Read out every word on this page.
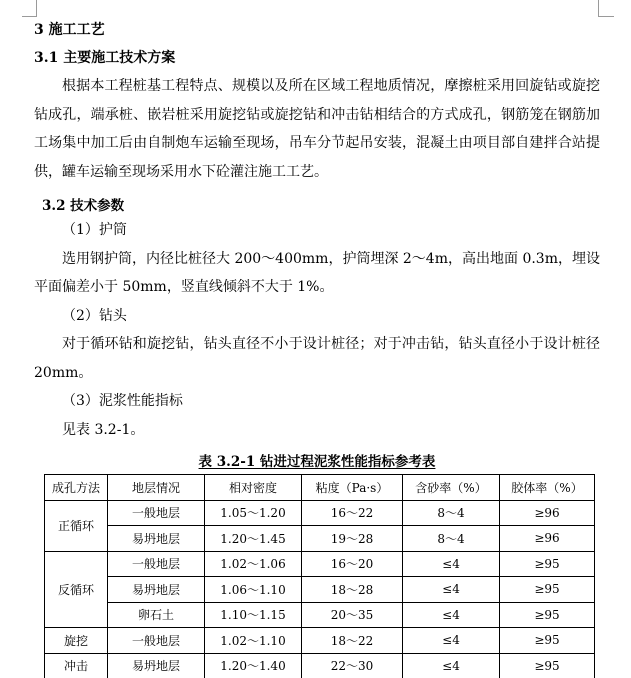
3 施工工艺

3.1 主要施工技术方案

根据本工程桩基工程特点、规模以及所在区域工程地质情况，摩擦桩采用回旋钻或旋挖钻成孔，端承桩、嵌岩桩采用旋挖钻或旋挖钻和冲击钻相结合的方式成孔，钢筋笼在钢筋加工场集中加工后由自制炮车运输至现场，吊车分节起吊安装，混凝土由项目部自建拌合站提供，罐车运输至现场采用水下砼灌注施工工艺。

3.2 技术参数

（1）护筒

选用钢护筒，内径比桩径大 200～400mm，护筒埋深 2～4m，高出地面 0.3m，埋设平面偏差小于 50mm，竖直线倾斜不大于 1%。

（2）钻头

对于循环钻和旋挖钻，钻头直径不小于设计桩径；对于冲击钻，钻头直径小于设计桩径 20mm。

（3）泥浆性能指标

见表 3.2-1。

表 3.2-1 钻进过程泥浆性能指标参考表

成孔方法	地层情况	相对密度	粘度（Pa·s）	含砂率（%）	胶体率（%）
正循环	一般地层	1.05～1.20	16～22	8～4	≥96
	易坍地层	1.20～1.45	19～28	8～4	≥96
反循环	一般地层	1.02～1.06	16～20	≤4	≥95
	易坍地层	1.06～1.10	18～28	≤4	≥95
	卵石土	1.10～1.15	20～35	≤4	≥95
旋挖	一般地层	1.02～1.10	18～22	≤4	≥95
冲击	易坍地层	1.20～1.40	22～30	≤4	≥95
